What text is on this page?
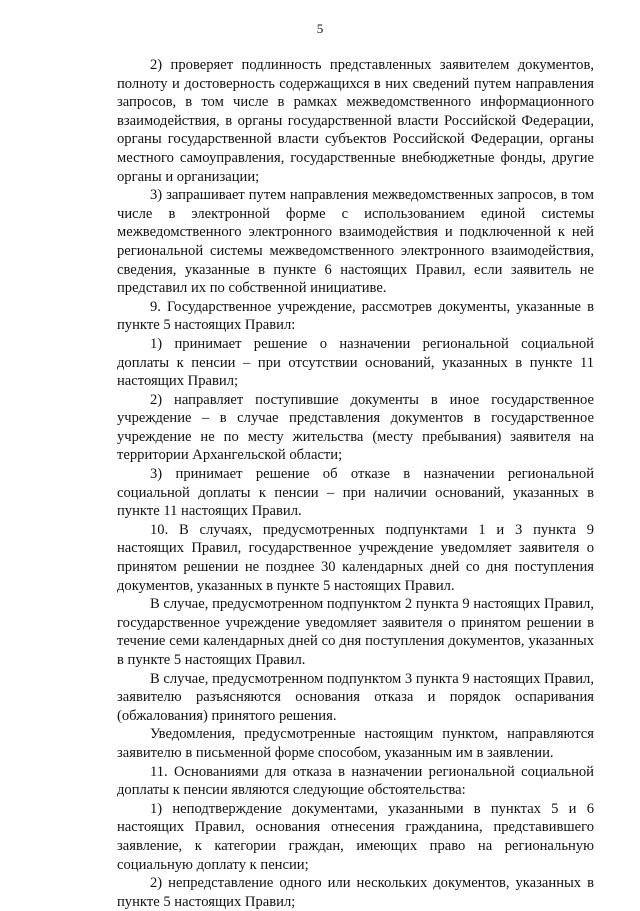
5

2) проверяет подлинность представленных заявителем документов, полноту и достоверность содержащихся в них сведений путем направления запросов, в том числе в рамках межведомственного информационного взаимодействия, в органы государственной власти Российской Федерации, органы государственной власти субъектов Российской Федерации, органы местного самоуправления, государственные внебюджетные фонды, другие органы и организации;

3) запрашивает путем направления межведомственных запросов, в том числе в электронной форме с использованием единой системы межведомственного электронного взаимодействия и подключенной к ней региональной системы межведомственного электронного взаимодействия, сведения, указанные в пункте 6 настоящих Правил, если заявитель не представил их по собственной инициативе.

9. Государственное учреждение, рассмотрев документы, указанные в пункте 5 настоящих Правил:

1) принимает решение о назначении региональной социальной доплаты к пенсии – при отсутствии оснований, указанных в пункте 11 настоящих Правил;

2) направляет поступившие документы в иное государственное учреждение – в случае представления документов в государственное учреждение не по месту жительства (месту пребывания) заявителя на территории Архангельской области;

3) принимает решение об отказе в назначении региональной социальной доплаты к пенсии – при наличии оснований, указанных в пункте 11 настоящих Правил.

10. В случаях, предусмотренных подпунктами 1 и 3 пункта 9 настоящих Правил, государственное учреждение уведомляет заявителя о принятом решении не позднее 30 календарных дней со дня поступления документов, указанных в пункте 5 настоящих Правил.

В случае, предусмотренном подпунктом 2 пункта 9 настоящих Правил, государственное учреждение уведомляет заявителя о принятом решении в течение семи календарных дней со дня поступления документов, указанных в пункте 5 настоящих Правил.

В случае, предусмотренном подпунктом 3 пункта 9 настоящих Правил, заявителю разъясняются основания отказа и порядок оспаривания (обжалования) принятого решения.

Уведомления, предусмотренные настоящим пунктом, направляются заявителю в письменной форме способом, указанным им в заявлении.

11. Основаниями для отказа в назначении региональной социальной доплаты к пенсии являются следующие обстоятельства:

1) неподтверждение документами, указанными в пунктах 5 и 6 настоящих Правил, основания отнесения гражданина, представившего заявление, к категории граждан, имеющих право на региональную социальную доплату к пенсии;

2) непредставление одного или нескольких документов, указанных в пункте 5 настоящих Правил;
